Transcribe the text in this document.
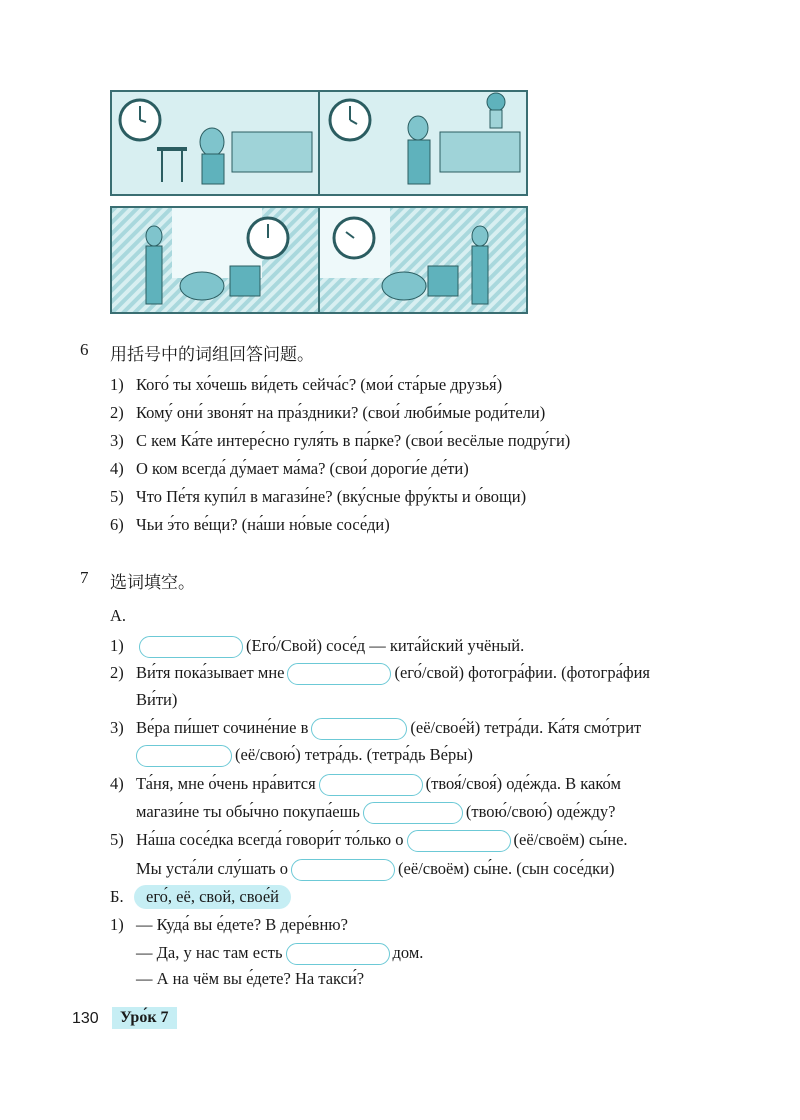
6 用括号中的词组回答问题。
1) Кого́ ты хо́чешь ви́деть сейча́с? (мои́ ста́рые друзья́)
2) Кому́ они́ звоня́т на пра́здники? (свои́ люби́мые роди́тели)
3) С кем Ка́те интере́сно гуля́ть в па́рке? (свои́ весёлые подру́ги)
4) О ком всегда́ ду́мает ма́ма? (свои́ дороги́е де́ти)
5) Что Пе́тя купи́л в магази́не? (вку́сные фру́кты и о́вощи)
6) Чьи э́то ве́щи? (на́ши но́вые сосе́ди)
7 选词填空。
А.
1)	(Его́/Свой) сосе́д — кита́йский учёный.
2) Ви́тя пока́зывает мне	(его́/свой) фотогра́фии. (фотогра́фия
Ви́ти)
3) Ве́ра пи́шет сочине́ние в	(её/свое́й) тетра́ди. Ка́тя смо́трит
(её/свою́) тетра́дь. (тетра́дь Ве́ры)
4) Та́ня, мне о́чень нра́вится	(твоя́/своя́) оде́жда. В како́м
магази́не ты обы́чно покупа́ешь	(твою́/свою́) оде́жду?
5) На́ша сосе́дка всегда́ говори́т то́лько о	(её/своём) сы́не.
Мы уста́ли слу́шать о	(её/своём) сы́не. (сын сосе́дки)
Б.	его́, её, свой, свое́й
1) — Куда́ вы е́дете? В дере́вню?
— Да, у нас там есть	дом.
— А на чём вы е́дете? На такси́?
130	Уро́к 7
